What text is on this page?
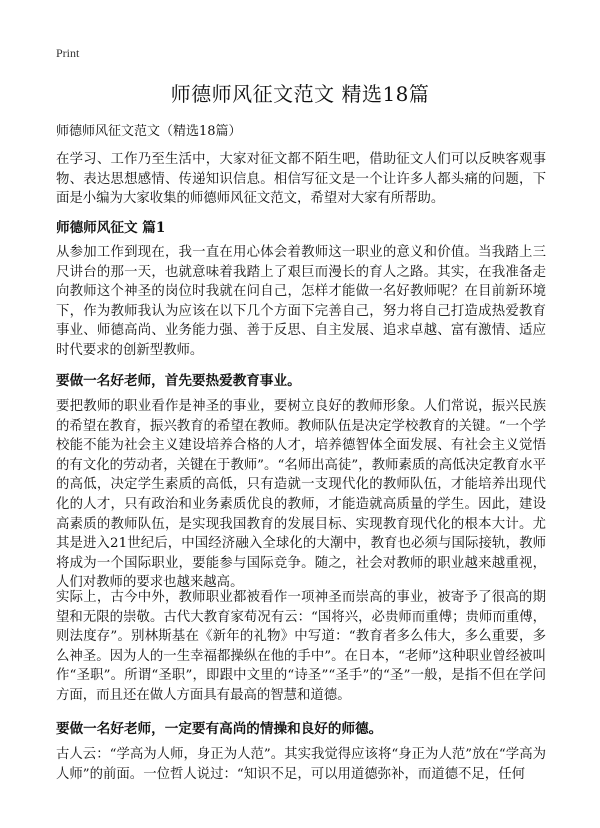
Print
师德师风征文范文 精选18篇
师德师风征文范文（精选18篇）
在学习、工作乃至生活中，大家对征文都不陌生吧，借助征文人们可以反映客观事物、表达思想感情、传递知识信息。相信写征文是一个让许多人都头痛的问题，下面是小编为大家收集的师德师风征文范文，希望对大家有所帮助。
师德师风征文 篇1
从参加工作到现在，我一直在用心体会着教师这一职业的意义和价值。当我踏上三尺讲台的那一天，也就意味着我踏上了艰巨而漫长的育人之路。其实，在我准备走向教师这个神圣的岗位时我就在问自己，怎样才能做一名好教师呢？在目前新环境下，作为教师我认为应该在以下几个方面下完善自己，努力将自己打造成热爱教育事业、师德高尚、业务能力强、善于反思、自主发展、追求卓越、富有激情、适应时代要求的创新型教师。
要做一名好老师，首先要热爱教育事业。
要把教师的职业看作是神圣的事业，要树立良好的教师形象。人们常说，振兴民族的希望在教育，振兴教育的希望在教师。教师队伍是决定学校教育的关键。“一个学校能不能为社会主义建设培养合格的人才，培养德智体全面发展、有社会主义觉悟的有文化的劳动者，关键在于教师”。“名师出高徒”，教师素质的高低决定教育水平的高低，决定学生素质的高低，只有造就一支现代化的教师队伍，才能培养出现代化的人才，只有政治和业务素质优良的教师，才能造就高质量的学生。因此，建设高素质的教师队伍，是实现我国教育的发展目标、实现教育现代化的根本大计。尤其是进入21世纪后，中国经济融入全球化的大潮中，教育也必须与国际接轨，教师将成为一个国际职业，要能参与国际竞争。随之，社会对教师的职业越来越重视，人们对教师的要求也越来越高。
实际上，古今中外，教师职业都被看作一项神圣而崇高的事业，被寄予了很高的期望和无限的崇敬。古代大教育家荀况有云：“国将兴，必贵师而重傅；贵师而重傅，则法度存”。别林斯基在《新年的礼物》中写道：“教育者多么伟大，多么重要，多么神圣。因为人的一生幸福都操纵在他的手中”。在日本，“老师”这种职业曾经被叫作“圣职”。所谓“圣职”，即跟中文里的“诗圣”“圣手”的“圣”一般，是指不但在学问方面，而且还在做人方面具有最高的智慧和道德。
要做一名好老师，一定要有高尚的情操和良好的师德。
古人云：“学高为人师，身正为人范”。其实我觉得应该将“身正为人范”放在“学高为人师”的前面。一位哲人说过：“知识不足，可以用道德弥补，而道德不足，任何
